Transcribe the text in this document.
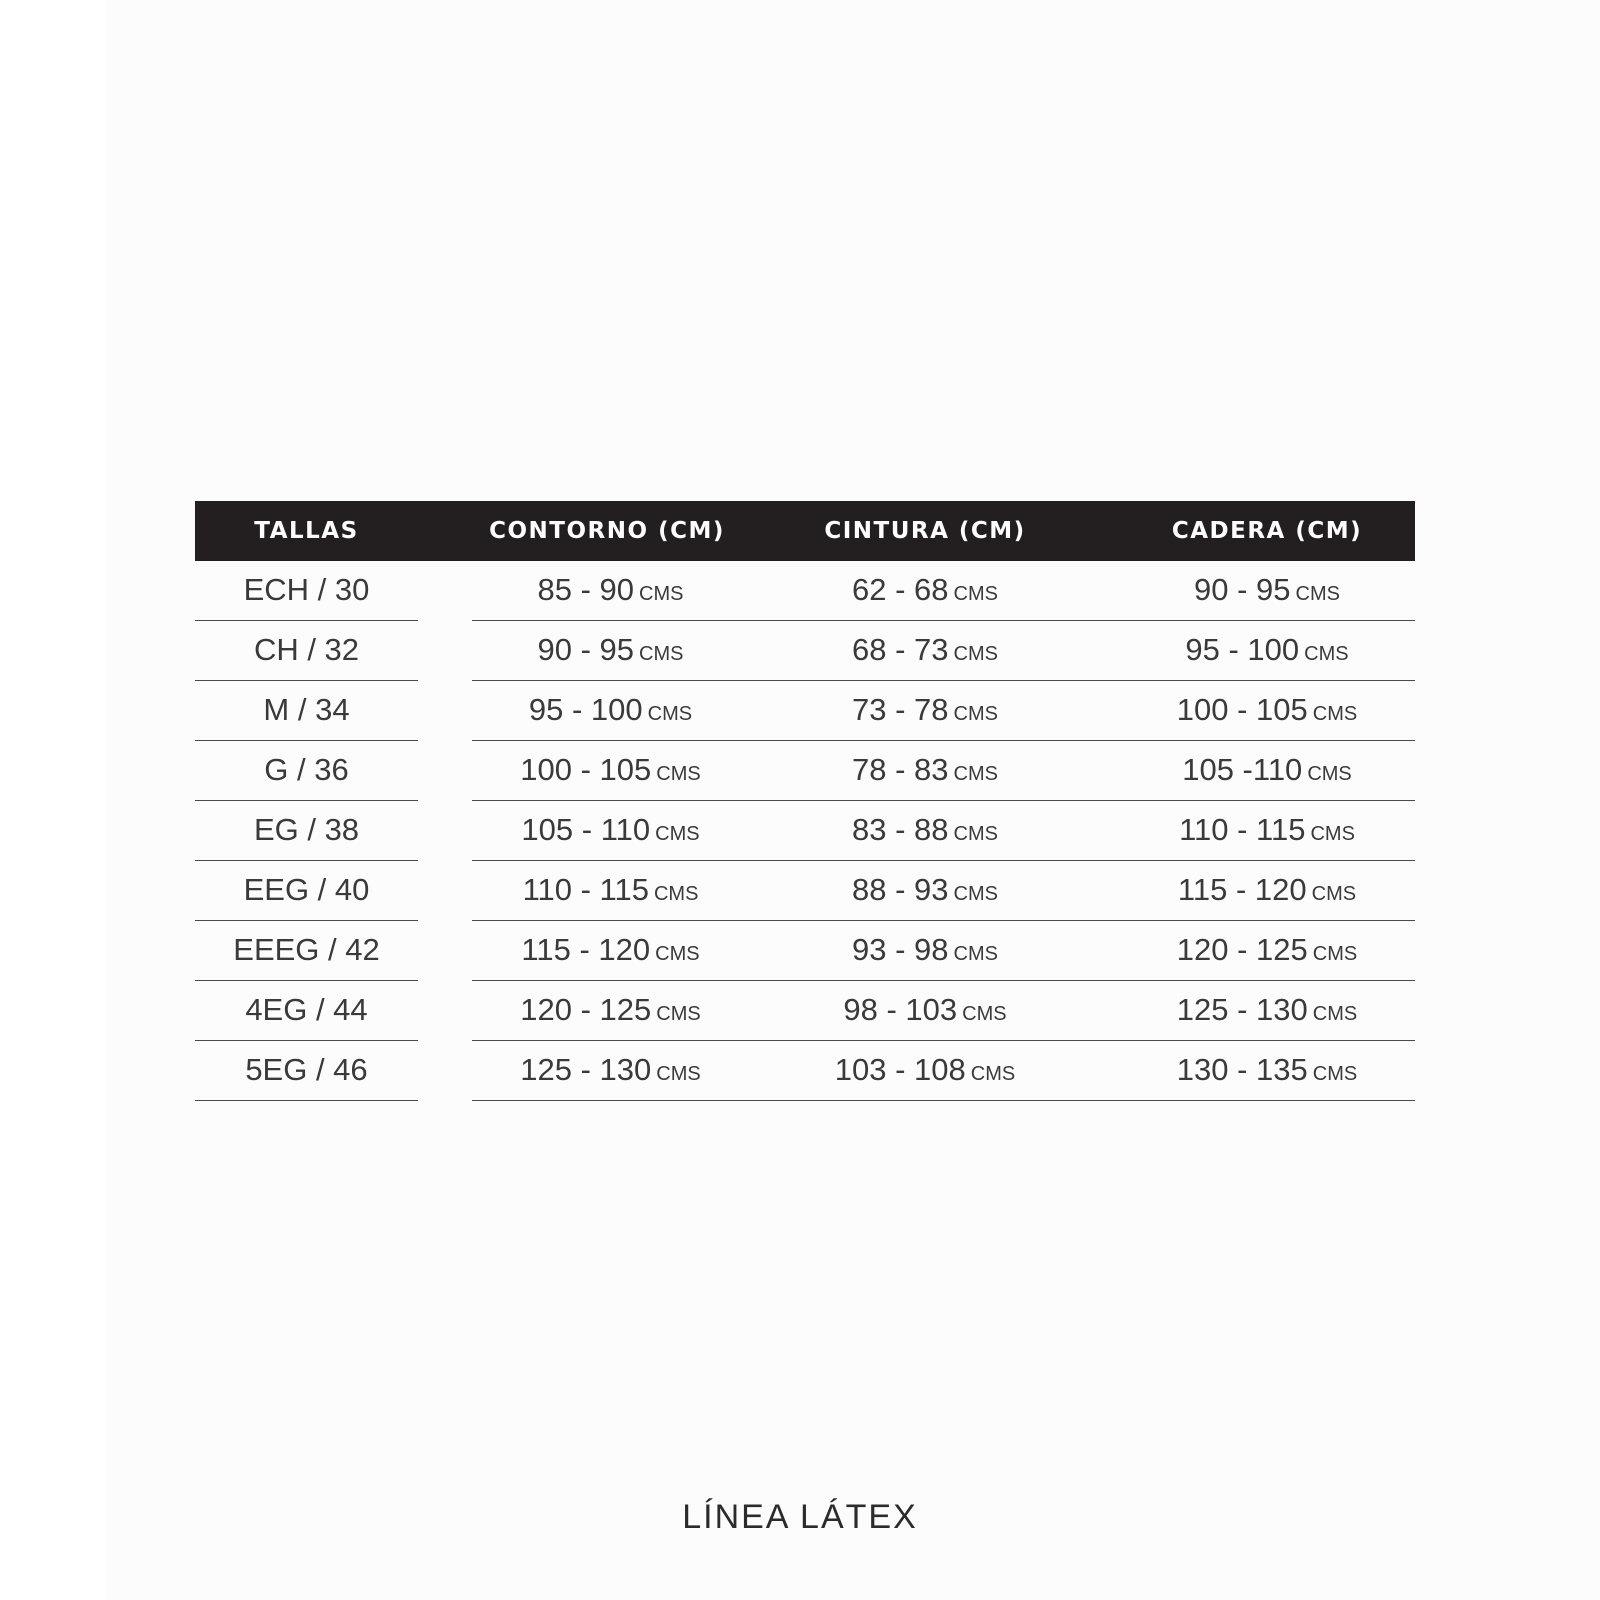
TALLAS	CONTORNO (CM)	CINTURA (CM)	CADERA (CM)
ECH / 30	85 - 90 CMS	62 - 68 CMS	90 - 95 CMS
CH / 32	90 - 95 CMS	68 - 73 CMS	95 - 100 CMS
M / 34	95 - 100 CMS	73 - 78 CMS	100 - 105 CMS
G / 36	100 - 105 CMS	78 - 83 CMS	105 -110 CMS
EG / 38	105 - 110 CMS	83 - 88 CMS	110 - 115 CMS
EEG / 40	110 - 115 CMS	88 - 93 CMS	115 - 120 CMS
EEEG / 42	115 - 120 CMS	93 - 98 CMS	120 - 125 CMS
4EG / 44	120 - 125 CMS	98 - 103 CMS	125 - 130 CMS
5EG / 46	125 - 130 CMS	103 - 108 CMS	130 - 135 CMS
LÍNEA LÁTEX
